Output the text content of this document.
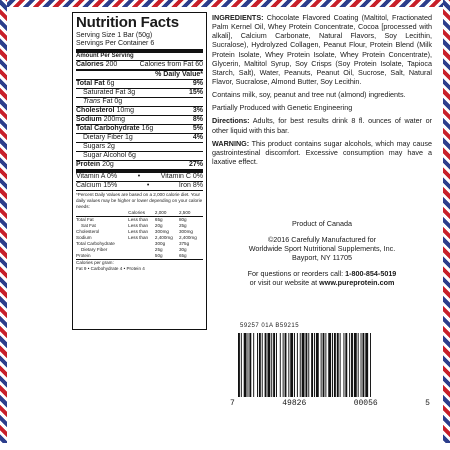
Nutrition Facts
Serving Size 1 Bar (50g)
Servings Per Container 6
Amount Per Serving
Calories 200	Calories from Fat 60
% Daily Value*
Total Fat 6g	9%
Saturated Fat 3g	15%
Trans Fat 0g
Cholesterol 10mg	3%
Sodium 200mg	8%
Total Carbohydrate 16g	5%
Dietary Fiber 1g	4%
Sugars 2g
Sugar Alcohol 6g
Protein 20g	27%
Vitamin A 0%	•	Vitamin C 0%
Calcium 15%	•	Iron 8%
*Percent Daily Values are based on a 2,000 calorie diet. Your daily values may be higher or lower depending on your calorie needs:
	Calories	2,000	2,500
Total Fat	Less than	65g	80g
Sat Fat	Less than	20g	25g
Cholesterol	Less than	300mg	300mg
Sodium	Less than	2,400mg	2,400mg
Total Carbohydrate		300g	375g
Dietary Fiber		25g	30g
Protein		50g	65g
Calories per gram:
Fat 9 • Carbohydrate 4 • Protein 4

INGREDIENTS: Chocolate Flavored Coating (Maltitol, Fractionated Palm Kernel Oil, Whey Protein Concentrate, Cocoa [processed with alkali], Calcium Carbonate, Natural Flavors, Soy Lecithin, Sucralose), Hydrolyzed Collagen, Peanut Flour, Protein Blend (Milk Protein Isolate, Whey Protein Isolate, Whey Protein Concentrate), Glycerin, Maltitol Syrup, Soy Crisps (Soy Protein Isolate, Tapioca Starch, Salt), Water, Peanuts, Peanut Oil, Sucrose, Salt, Natural Flavor, Sucralose, Almond Butter, Soy Lecithin.

Contains milk, soy, peanut and tree nut (almond) ingredients.

Partially Produced with Genetic Engineering

Directions: Adults, for best results drink 8 fl. ounces of water or other liquid with this bar.

WARNING: This product contains sugar alcohols, which may cause gastrointestinal discomfort. Excessive consumption may have a laxative effect.

Product of Canada
©2016 Carefully Manufactured for
Worldwide Sport Nutritional Supplements, Inc.
Bayport, NY 11705
For questions or reorders call: 1-800-854-5019
or visit our website at www.pureprotein.com
59257 01A B59215
7	49826	00056	5
